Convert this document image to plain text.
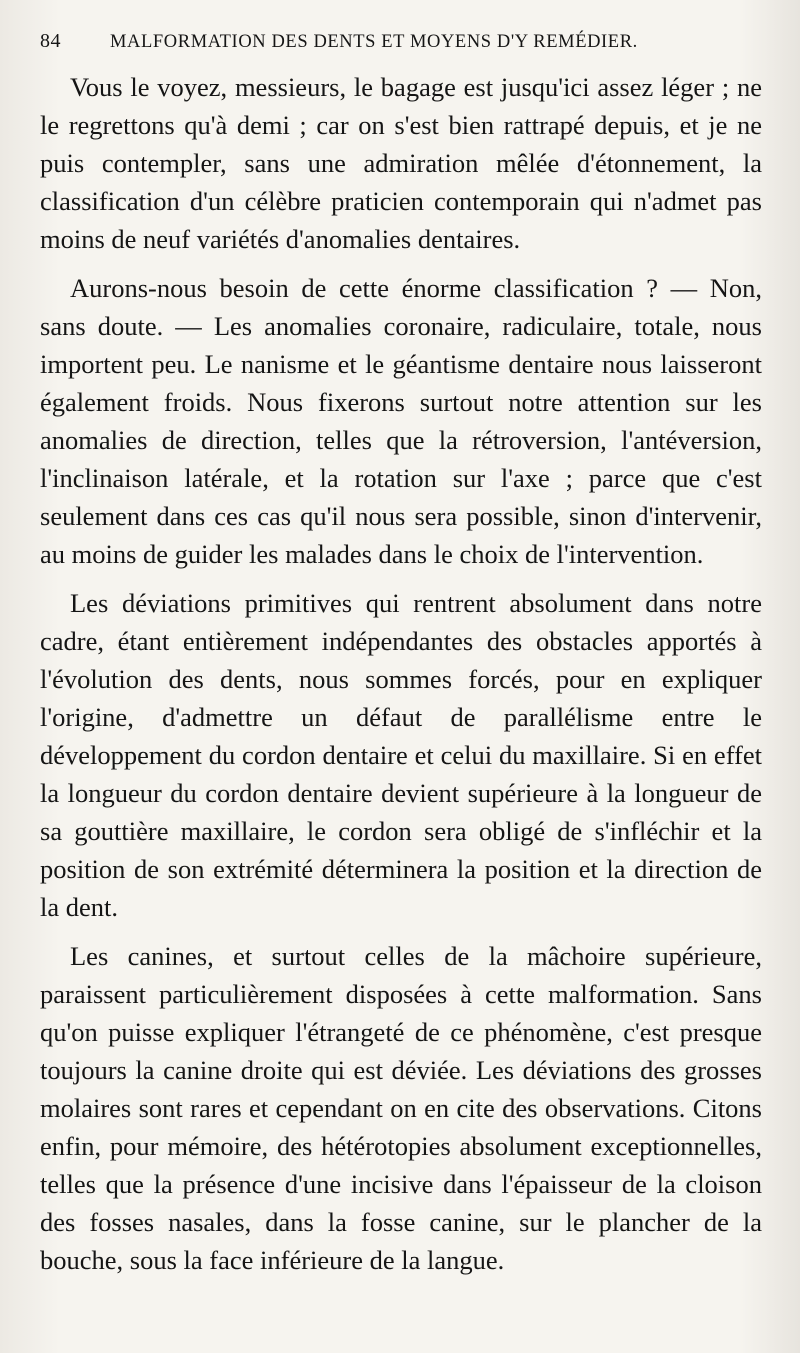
84	MALFORMATION DES DENTS ET MOYENS D'Y REMÉDIER.

Vous le voyez, messieurs, le bagage est jusqu'ici assez léger ; ne le regrettons qu'à demi ; car on s'est bien rattrapé depuis, et je ne puis contempler, sans une admiration mêlée d'étonnement, la classification d'un célèbre praticien contemporain qui n'admet pas moins de neuf variétés d'anomalies dentaires.

Aurons-nous besoin de cette énorme classification ? — Non, sans doute. — Les anomalies coronaire, radiculaire, totale, nous importent peu. Le nanisme et le géantisme dentaire nous laisseront également froids. Nous fixerons surtout notre attention sur les anomalies de direction, telles que la rétroversion, l'antéversion, l'inclinaison latérale, et la rotation sur l'axe ; parce que c'est seulement dans ces cas qu'il nous sera possible, sinon d'intervenir, au moins de guider les malades dans le choix de l'intervention.

Les déviations primitives qui rentrent absolument dans notre cadre, étant entièrement indépendantes des obstacles apportés à l'évolution des dents, nous sommes forcés, pour en expliquer l'origine, d'admettre un défaut de parallélisme entre le développement du cordon dentaire et celui du maxillaire. Si en effet la longueur du cordon dentaire devient supérieure à la longueur de sa gouttière maxillaire, le cordon sera obligé de s'infléchir et la position de son extrémité déterminera la position et la direction de la dent.

Les canines, et surtout celles de la mâchoire supérieure, paraissent particulièrement disposées à cette malformation. Sans qu'on puisse expliquer l'étrangeté de ce phénomène, c'est presque toujours la canine droite qui est déviée. Les déviations des grosses molaires sont rares et cependant on en cite des observations. Citons enfin, pour mémoire, des hétérotopies absolument exceptionnelles, telles que la présence d'une incisive dans l'épaisseur de la cloison des fosses nasales, dans la fosse canine, sur le plancher de la bouche, sous la face inférieure de la langue.
